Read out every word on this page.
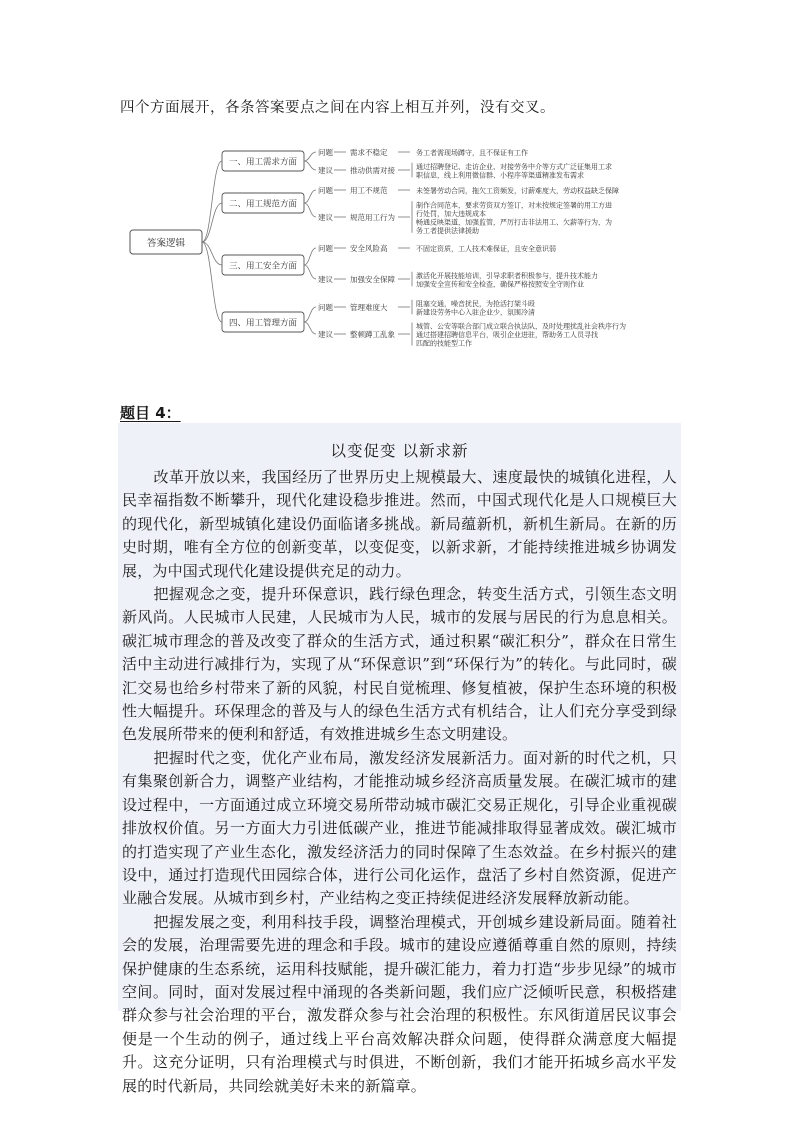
四个方面展开，各条答案要点之间在内容上相互并列，没有交叉。
答案逻辑
一、用工需求方面
问题 需求不稳定	务工者需现场蹲守，且不保证有工作
建议 推动供需对接	通过招聘登记、走访企业、对接劳务中介等方式广泛征集用工求
职信息，线上利用微信群、小程序等渠道精准发布需求
二、用工规范方面
问题 用工不规范	未签署劳动合同，拖欠工资频发，讨薪难度大，劳动权益缺乏保障
建议 规范用工行为
制作合同范本，要求劳资双方签订，对未按规定签署的用工方进
行处罚，加大违规成本
畅通反映渠道，加强监管，严厉打击非法用工、欠薪等行为，为
务工者提供法律援助
三、用工安全方面
问题 安全风险高	不固定资质，工人技术难保证，且安全意识弱
建议 加强安全保障	激活化开展技能培训，引导求职者积极参与，提升技术能力
加强安全宣传和安全检查，确保严格按照安全守则作业
四、用工管理方面
问题 管理难度大	阻塞交通，噪音扰民，为抢活打架斗殴
新建设劳务中心入驻企业少，氛围冷清
建议 整顿蹲工乱象
城管、公安等联合部门成立联合执法队，及时处理扰乱社会秩序行为
通过搭建招聘信息平台，吸引企业进驻，帮助务工人员寻找
匹配的技能型工作
题目 4：
以变促变 以新求新

改革开放以来，我国经历了世界历史上规模最大、速度最快的城镇化进程，人民幸福指数不断攀升，现代化建设稳步推进。然而，中国式现代化是人口规模巨大的现代化，新型城镇化建设仍面临诸多挑战。新局蕴新机，新机生新局。在新的历史时期，唯有全方位的创新变革，以变促变，以新求新，才能持续推进城乡协调发展，为中国式现代化建设提供充足的动力。

把握观念之变，提升环保意识，践行绿色理念，转变生活方式，引领生态文明新风尚。人民城市人民建，人民城市为人民，城市的发展与居民的行为息息相关。碳汇城市理念的普及改变了群众的生活方式，通过积累“碳汇积分”，群众在日常生活中主动进行减排行为，实现了从“环保意识”到“环保行为”的转化。与此同时，碳汇交易也给乡村带来了新的风貌，村民自觉梳理、修复植被，保护生态环境的积极性大幅提升。环保理念的普及与人的绿色生活方式有机结合，让人们充分享受到绿色发展所带来的便利和舒适，有效推进城乡生态文明建设。

把握时代之变，优化产业布局，激发经济发展新活力。面对新的时代之机，只有集聚创新合力，调整产业结构，才能推动城乡经济高质量发展。在碳汇城市的建设过程中，一方面通过成立环境交易所带动城市碳汇交易正规化，引导企业重视碳排放权价值。另一方面大力引进低碳产业，推进节能减排取得显著成效。碳汇城市的打造实现了产业生态化，激发经济活力的同时保障了生态效益。在乡村振兴的建设中，通过打造现代田园综合体，进行公司化运作，盘活了乡村自然资源，促进产业融合发展。从城市到乡村，产业结构之变正持续促进经济发展释放新动能。

把握发展之变，利用科技手段，调整治理模式，开创城乡建设新局面。随着社会的发展，治理需要先进的理念和手段。城市的建设应遵循尊重自然的原则，持续保护健康的生态系统，运用科技赋能，提升碳汇能力，着力打造“步步见绿”的城市空间。同时，面对发展过程中涌现的各类新问题，我们应广泛倾听民意，积极搭建群众参与社会治理的平台，激发群众参与社会治理的积极性。东风街道居民议事会便是一个生动的例子，通过线上平台高效解决群众问题，使得群众满意度大幅提升。这充分证明，只有治理模式与时俱进，不断创新，我们才能开拓城乡高水平发展的时代新局，共同绘就美好未来的新篇章。
